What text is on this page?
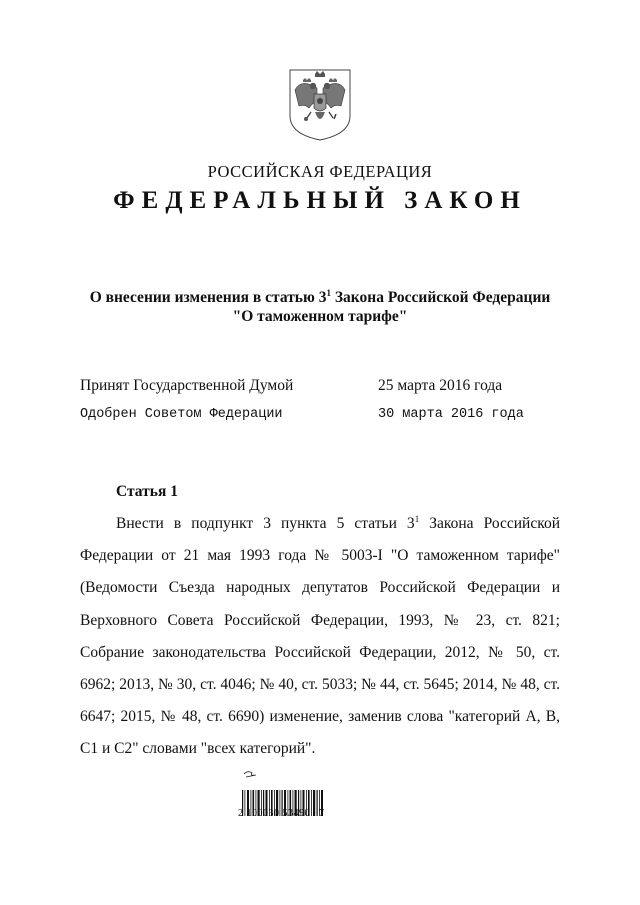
РОССИЙСКАЯ ФЕДЕРАЦИЯ
ФЕДЕРАЛЬНЫЙ ЗАКОН
О внесении изменения в статью $3^1$ Закона Российской Федерации
"О таможенном тарифе"
Принят Государственной Думой	25 марта 2016 года
Одобрен Советом Федерации	30 марта 2016 года
Статья 1
Внести в подпункт 3 пункта 5 статьи $3^1$ Закона Российской Федерации от 21 мая 1993 года № 5003-I "О таможенном тарифе" (Ведомости Съезда народных депутатов Российской Федерации и Верховного Совета Российской Федерации, 1993, № 23, ст. 821; Собрание законодательства Российской Федерации, 2012, № 50, ст. 6962; 2013, № 30, ст. 4046; № 40, ст. 5033; № 44, ст. 5645; 2014, № 48, ст. 6647; 2015, № 48, ст. 6690) изменение, заменив слова "категорий А, В, С1 и С2" словами "всех категорий".
2 100030 53490   7
